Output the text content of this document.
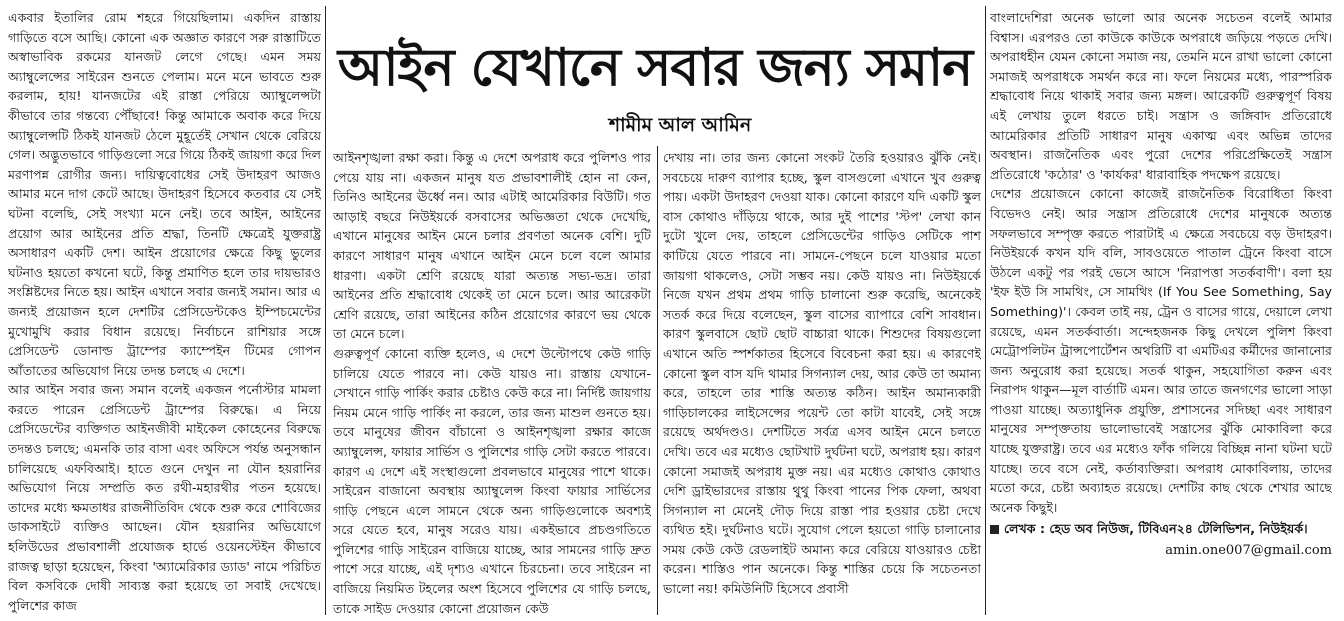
আইন যেখানে সবার জন্য সমান
শামীম আল আমিন

একবার ইতালির রোম শহরে গিয়েছিলাম। একদিন রাস্তায় গাড়িতে বসে আছি। কোনো এক অজ্ঞাত কারণে সরু রাস্তাটিতে অস্বাভাবিক রকমের যানজট লেগে গেছে। এমন সময় অ্যাম্বুলেন্সের সাইরেন শুনতে পেলাম। মনে মনে ভাবতে শুরু করলাম, হায়! যানজটের এই রাস্তা পেরিয়ে অ্যাম্বুলেন্সটা কীভাবে তার গন্তব্যে পৌঁছাবে! কিন্তু আমাকে অবাক করে দিয়ে অ্যাম্বুলেন্সটি ঠিকই যানজট ঠেলে মুহূর্তেই সেখান থেকে বেরিয়ে গেল। অদ্ভুতভাবে গাড়িগুলো সরে গিয়ে ঠিকই জায়গা করে দিল মরণাপন্ন রোগীর জন্য। দায়িত্ববোধের সেই উদাহরণ আজও আমার মনে দাগ কেটে আছে। উদাহরণ হিসেবে কতবার যে সেই ঘটনা বলেছি, সেই সংখ্যা মনে নেই। তবে আইন, আইনের প্রয়োগ আর আইনের প্রতি শ্রদ্ধা, তিনটি ক্ষেত্রেই যুক্তরাষ্ট্র অসাধারণ একটি দেশ। আইন প্রয়োগের ক্ষেত্রে কিছু ভুলের ঘটনাও হয়তো কখনো ঘটে, কিন্তু প্রমাণিত হলে তার দায়ভারও সংশ্লিষ্টদের নিতে হয়। আইন এখানে সবার জন্যই সমান। আর এ জন্যই প্রয়োজন হলে দেশটির প্রেসিডেন্টকেও ইম্পিচমেন্টের মুখোমুখি করার বিধান রয়েছে। নির্বাচনে রাশিয়ার সঙ্গে প্রেসিডেন্ট ডোনাল্ড ট্রাম্পের ক্যাম্পেইন টিমের গোপন আঁতাতের অভিযোগ নিয়ে তদন্ত চলছে এ দেশে।

আর আইন সবার জন্য সমান বলেই একজন পর্নোস্টার মামলা করতে পারেন প্রেসিডেন্ট ট্রাম্পের বিরুদ্ধে। এ নিয়ে প্রেসিডেন্টের ব্যক্তিগত আইনজীবী মাইকেল কোহেনের বিরুদ্ধে তদন্তও চলছে; এমনকি তার বাসা এবং অফিসে পর্যন্ত অনুসন্ধান চালিয়েছে এফবিআই। হাতে গুনে দেখুন না যৌন হয়রানির অভিযোগ নিয়ে সম্প্রতি কত রথী-মহারথীর পতন হয়েছে। তাদের মধ্যে ক্ষমতাধর রাজনীতিবিদ থেকে শুরু করে শোবিজের ডাকসাইটে ব্যক্তিও আছেন। যৌন হয়রানির অভিযোগে হলিউডের প্রভাবশালী প্রযোজক হার্ভে ওয়েনস্টেইন কীভাবে রাজত্ব ছাড়া হয়েছেন, কিংবা 'অ্যামেরিকার ড্যাড' নামে পরিচিত বিল কসবিকে দোষী সাব্যস্ত করা হয়েছে তা সবাই দেখেছে। পুলিশের কাজ

আইনশৃঙ্খলা রক্ষা করা। কিন্তু এ দেশে অপরাধ করে পুলিশও পার পেয়ে যায় না। একজন মানুষ যত প্রভাবশালীই হোন না কেন, তিনিও আইনের ঊর্ধ্বে নন। আর এটাই আমেরিকার বিউটি। গত আড়াই বছরে নিউইয়র্কে বসবাসের অভিজ্ঞতা থেকে দেখেছি, এখানে মানুষের আইন মেনে চলার প্রবণতা অনেক বেশি। দুটি কারণে সাধারণ মানুষ এখানে আইন মেনে চলে বলে আমার ধারণা। একটা শ্রেণি রয়েছে যারা অত্যন্ত সভ্য-ভদ্র। তারা আইনের প্রতি শ্রদ্ধাবোধ থেকেই তা মেনে চলে। আর আরেকটা শ্রেণি রয়েছে, তারা আইনের কঠিন প্রয়োগের কারণে ভয় থেকে তা মেনে চলে।

গুরুত্বপূর্ণ কোনো ব্যক্তি হলেও, এ দেশে উল্টোপথে কেউ গাড়ি চালিয়ে যেতে পারবে না। কেউ যায়ও না। রাস্তায় যেখানে-সেখানে গাড়ি পার্কিং করার চেষ্টাও কেউ করে না। নির্দিষ্ট জায়গায় নিয়ম মেনে গাড়ি পার্কিং না করলে, তার জন্য মাশুল গুনতে হয়। তবে মানুষের জীবন বাঁচানো ও আইনশৃঙ্খলা রক্ষার কাজে অ্যাম্বুলেন্স, ফায়ার সার্ভিস ও পুলিশের গাড়ি সেটা করতে পারবে। কারণ এ দেশে এই সংস্থাগুলো প্রবলভাবে মানুষের পাশে থাকে। সাইরেন বাজানো অবস্থায় অ্যাম্বুলেন্স কিংবা ফায়ার সার্ভিসের গাড়ি পেছনে এলে সামনে থেকে অন্য গাড়িগুলোকে অবশ্যই সরে যেতে হবে, মানুষ সরেও যায়। একইভাবে প্রচণ্ডগতিতে পুলিশের গাড়ি সাইরেন বাজিয়ে যাচ্ছে, আর সামনের গাড়ি দ্রুত পাশে সরে যাচ্ছে, এই দৃশ্যও এখানে চিরচেনা। তবে সাইরেন না বাজিয়ে নিয়মিত টহলের অংশ হিসেবে পুলিশের যে গাড়ি চলছে, তাকে সাইড দেওয়ার কোনো প্রয়োজন কেউ

দেখায় না। তার জন্য কোনো সংকট তৈরি হওয়ারও ঝুঁকি নেই। সবচেয়ে দারুণ ব্যাপার হচ্ছে, স্কুল বাসগুলো এখানে খুব গুরুত্ব পায়। একটা উদাহরণ দেওয়া যাক। কোনো কারণে যদি একটি স্কুল বাস কোথাও দাঁড়িয়ে থাকে, আর দুই পাশের 'স্টপ' লেখা কান দুটো খুলে দেয়, তাহলে প্রেসিডেন্টের গাড়িও সেটিকে পাশ কাটিয়ে যেতে পারবে না। সামনে-পেছনে চলে যাওয়ার মতো জায়গা থাকলেও, সেটা সম্ভব নয়। কেউ যায়ও না। নিউইয়র্কে নিজে যখন প্রথম প্রথম গাড়ি চালানো শুরু করেছি, অনেকেই সতর্ক করে দিয়ে বলেছেন, স্কুল বাসের ব্যাপারে বেশি সাবধান। কারণ স্কুলবাসে ছোট ছোট বাচ্চারা থাকে। শিশুদের বিষয়গুলো এখানে অতি স্পর্শকাতর হিসেবে বিবেচনা করা হয়। এ কারণেই কোনো স্কুল বাস যদি থামার সিগন্যাল দেয়, আর কেউ তা অমান্য করে, তাহলে তার শাস্তি অত্যন্ত কঠিন। আইন অমান্যকারী গাড়িচালকের লাইসেন্সের পয়েন্ট তো কাটা যাবেই, সেই সঙ্গে রয়েছে অর্থদণ্ডও। দেশটিতে সর্বত্র এসব আইন মেনে চলতে দেখি। তবে এর মধ্যেও ছোটখাট দুর্ঘটনা ঘটে, অপরাধ হয়। কারণ কোনো সমাজই অপরাধ মুক্ত নয়। এর মধ্যেও কোথাও কোথাও দেশি ড্রাইভারদের রাস্তায় থুথু কিংবা পানের পিক ফেলা, অথবা সিগন্যাল না মেনেই দৌড় দিয়ে রাস্তা পার হওয়ার চেষ্টা দেখে ব্যথিত হই। দুর্ঘটনাও ঘটে। সুযোগ পেলে হয়তো গাড়ি চালানোর সময় কেউ কেউ রেডলাইট অমান্য করে বেরিয়ে যাওয়ারও চেষ্টা করেন। শাস্তিও পান অনেকে। কিন্তু শাস্তির চেয়ে কি সচেতনতা ভালো নয়! কমিউনিটি হিসেবে প্রবাসী

বাংলাদেশিরা অনেক ভালো আর অনেক সচেতন বলেই আমার বিশ্বাস। এরপরও তো কাউকে কাউকে অপরাধে জড়িয়ে পড়তে দেখি। অপরাধহীন যেমন কোনো সমাজ নয়, তেমনি মনে রাখা ভালো কোনো সমাজই অপরাধকে সমর্থন করে না। ফলে নিয়মের মধ্যে, পারস্পরিক শ্রদ্ধাবোধ নিয়ে থাকাই সবার জন্য মঙ্গল। আরেকটি গুরুত্বপূর্ণ বিষয় এই লেখায় তুলে ধরতে চাই। সন্ত্রাস ও জঙ্গিবাদ প্রতিরোধে আমেরিকার প্রতিটি সাধারণ মানুষ একাত্ম এবং অভিন্ন তাদের অবস্থান। রাজনৈতিক এবং পুরো দেশের পরিপ্রেক্ষিতেই সন্ত্রাস প্রতিরোধে 'কঠোর' ও 'কার্যকর' ধারাবাহিক পদক্ষেপ রয়েছে।

দেশের প্রয়োজনে কোনো কাজেই রাজনৈতিক বিরোধিতা কিংবা বিভেদও নেই। আর সন্ত্রাস প্রতিরোধে দেশের মানুষকে অত্যন্ত সফলভাবে সম্পৃক্ত করতে পারাটাই এ ক্ষেত্রে সবচেয়ে বড় উদাহরণ। নিউইয়র্কে কখন যদি বলি, সাবওয়েতে পাতাল ট্রেনে কিংবা বাসে উঠলে একটু পর পরই ভেসে আসে 'নিরাপত্তা সতর্কবাণী'। বলা হয় 'ইফ ইউ সি সামথিং, সে সামথিং (If You See Something, Say Something)'। কেবল তাই নয়, ট্রেন ও বাসের গায়ে, দেয়ালে লেখা রয়েছে, এমন সতর্কবার্তা। সন্দেহজনক কিছু দেখলে পুলিশ কিংবা মেট্রোপলিটন ট্রান্সপোর্টেশন অথরিটি বা এমটিএর কর্মীদের জানানোর জন্য অনুরোধ করা হয়েছে। সতর্ক থাকুন, সহযোগিতা করুন এবং নিরাপদ থাকুন—মূল বার্তাটি এমন। আর তাতে জনগণের ভালো সাড়া পাওয়া যাচ্ছে। অত্যাধুনিক প্রযুক্তি, প্রশাসনের সদিচ্ছা এবং সাধারণ মানুষের সম্পৃক্ততায় ভালোভাবেই সন্ত্রাসের ঝুঁকি মোকাবিলা করে যাচ্ছে যুক্তরাষ্ট্র। তবে এর মধ্যেও ফাঁক গলিয়ে বিচ্ছিন্ন নানা ঘটনা ঘটে যাচ্ছে। তবে বসে নেই, কর্তাব্যক্তিরা। অপরাধ মোকাবিলায়, তাদের মতো করে, চেষ্টা অব্যাহত রয়েছে। দেশটির কাছ থেকে শেখার আছে অনেক কিছুই।

লেখক : হেড অব নিউজ, টিবিএন২৪ টেলিভিশন, নিউইয়র্ক।

amin.one007@gmail.com
